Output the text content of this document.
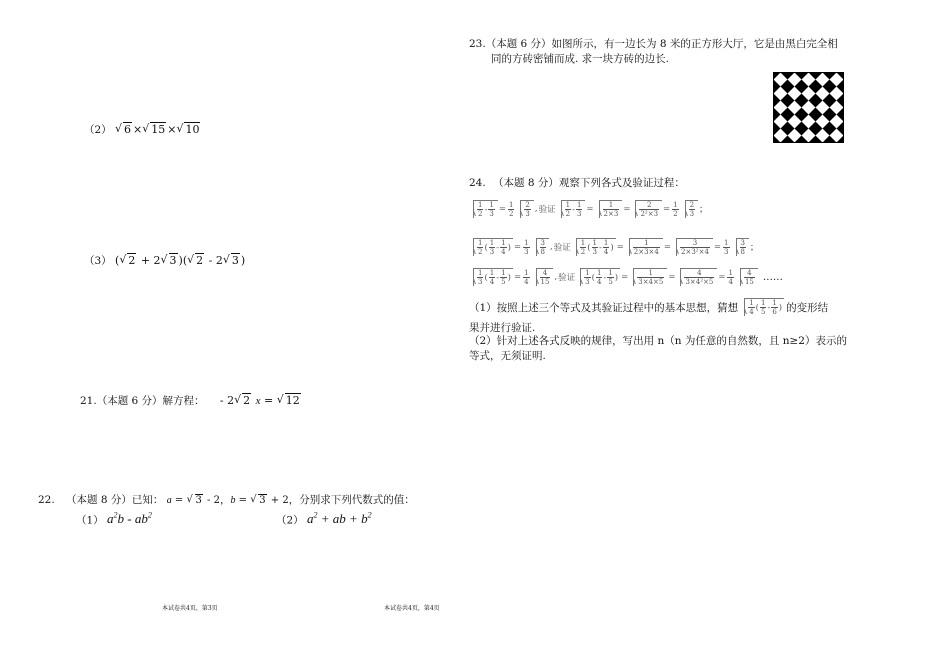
（2） √ 6 × √ 15 × √ 10
（3） ( √ 2 + 2 √ 3 )( √ 2 - 2 √ 3 )
21.（本题 6 分）解方程： - 2 √ 2 x = √ 12
22. （本题 8 分）已知： a = √ 3 - 2，b = √ 3 + 2，分别求下列代数式的值：
（1） $a^2b - ab^2$	（2） $a^2$ + ab + $b^2$
本试卷共4页，第3页
23.（本题 6 分）如图所示，有一边长为 8 米的正方形大厅，它是由黑白完全相
同的方砖密铺而成. 求一块方砖的边长.
24. （本题 8 分）观察下列各式及验证过程：
$\frac{1}{2} - \frac{1}{3} = \frac{1}{2} \frac{2}{3}$ , 验证 $\frac{1}{2} - \frac{1}{3} = \frac{1}{2\times 3} = \frac{2}{\text{2²×3}} = \frac{1}{2} \frac{2}{3}$ ；
$\frac{1}{2}$ ( $\frac{1}{3} - \frac{1}{4}$ ) = $\frac{1}{3} \frac{3}{8}$ , 验证 $\frac{1}{2}$ ( $\frac{1}{3} - \frac{1}{4}$ ) = $\frac{1}{2\times 3\times 4} = \frac{3}{\text{2×3²×4}} = \frac{1}{3} \frac{3}{8}$ ；
$\frac{1}{3}$ ( $\frac{1}{4} - \frac{1}{5}$ ) = $\frac{1}{4} \frac{4}{15}$ , 验证 $\frac{1}{3}$ ( $\frac{1}{4} - \frac{1}{5}$ ) = $\frac{1}{3\times 4\times 5} = \frac{4}{\text{3×4²×5}} = \frac{1}{4} \frac{4}{15}$ ……
（1）按照上述三个等式及其验证过程中的基本思想，猜想 $\frac{1}{4}$ ( $\frac{1}{5} - \frac{1}{6}$ ) 的变形结
果并进行验证.
（2）针对上述各式反映的规律，写出用 n（n 为任意的自然数，且 n≥2）表示的
等式，无须证明.
本试卷共4页，第4页
